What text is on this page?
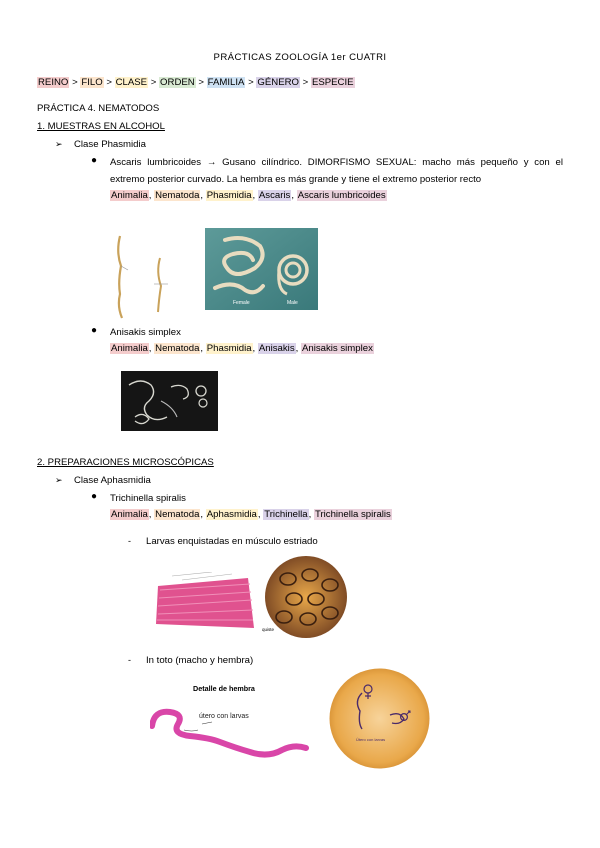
PRÁCTICAS ZOOLOGÍA 1er CUATRI
REINO > FILO > CLASE > ORDEN > FAMILIA > GÉNERO > ESPECIE
PRÁCTICA 4. NEMATODOS
1. MUESTRAS EN ALCOHOL
➢ Clase Phasmidia
● Ascaris lumbricoides → Gusano cilíndrico. DIMORFISMO SEXUAL: macho más pequeño y con el
extremo posterior curvado. La hembra es más grande y tiene el extremo posterior recto
Animalia, Nematoda, Phasmidia, Ascaris, Ascaris lumbricoides
Female	Male
● Anisakis simplex
Animalia, Nematoda, Phasmidia, Anisakis, Anisakis simplex
2. PREPARACIONES MICROSCÓPICAS
➢ Clase Aphasmidia
● Trichinella spiralis
Animalia, Nematoda, Aphasmidia, Trichinella, Trichinella spiralis
- Larvas enquistadas en músculo estriado
quiste
- In toto (macho y hembra)
Detalle de hembra
útero con larvas
Útero con larvas
